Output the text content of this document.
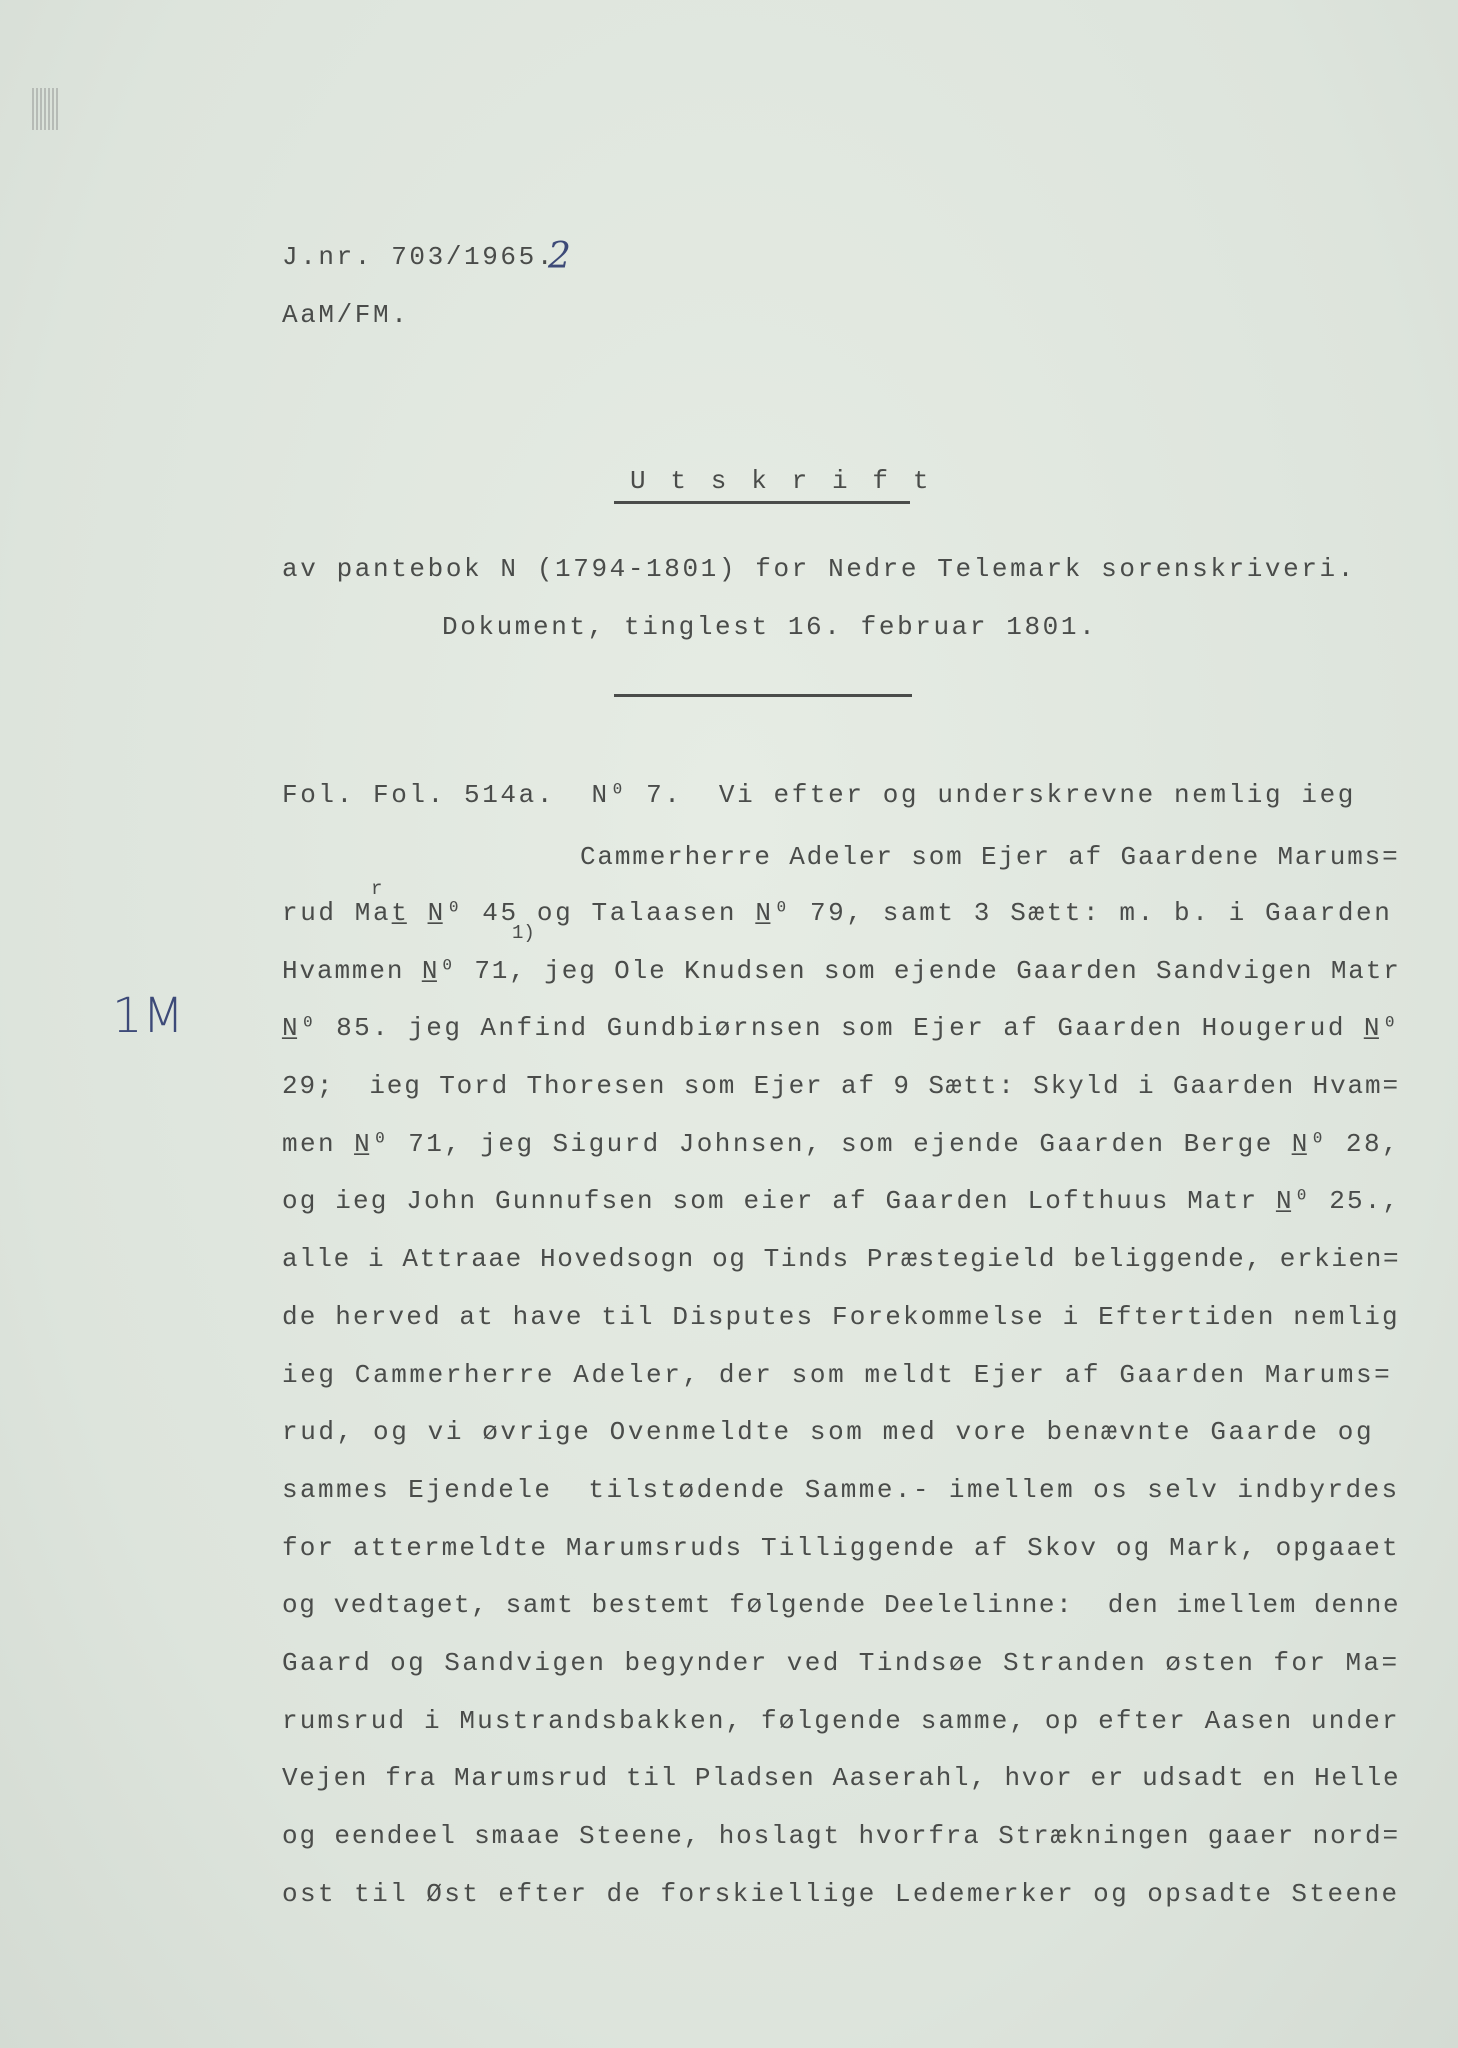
J.nr. 703/1965.
2
AaM/FM.
U t s k r i f t
av pantebok N (1794-1801) for Nedre Telemark sorenskriveri.
Dokument, tinglest 16. februar 1801.
1M
r
1)
Fol. Fol. 514a.  N⁰ 7.  Vi efter og underskrevne nemlig ieg
Cammerherre Adeler som Ejer af Gaardene Marums=
rud Mat̲ N̲⁰ 45 og Talaasen N̲⁰ 79, samt 3 Sætt: m. b. i Gaarden
Hvammen N̲⁰ 71, jeg Ole Knudsen som ejende Gaarden Sandvigen Matr
N̲⁰ 85. jeg Anfind Gundbiørnsen som Ejer af Gaarden Hougerud N̲⁰
29;  ieg Tord Thoresen som Ejer af 9 Sætt: Skyld i Gaarden Hvam=
men N̲⁰ 71, jeg Sigurd Johnsen, som ejende Gaarden Berge N̲⁰ 28,
og ieg John Gunnufsen som eier af Gaarden Lofthuus Matr N̲⁰ 25.,
alle i Attraae Hovedsogn og Tinds Præstegield beliggende, erkien=
de herved at have til Disputes Forekommelse i Eftertiden nemlig
ieg Cammerherre Adeler, der som meldt Ejer af Gaarden Marums=
rud, og vi øvrige Ovenmeldte som med vore benævnte Gaarde og
sammes Ejendele  tilstødende Samme.- imellem os selv indbyrdes
for attermeldte Marumsruds Tilliggende af Skov og Mark, opgaaet
og vedtaget, samt bestemt følgende Deelelinne:  den imellem denne
Gaard og Sandvigen begynder ved Tindsøe Stranden østen for Ma=
rumsrud i Mustrandsbakken, følgende samme, op efter Aasen under
Vejen fra Marumsrud til Pladsen Aaserahl, hvor er udsadt en Helle
og eendeel smaae Steene, hoslagt hvorfra Strækningen gaaer nord=
ost til Øst efter de forskiellige Ledemerker og opsadte Steene
